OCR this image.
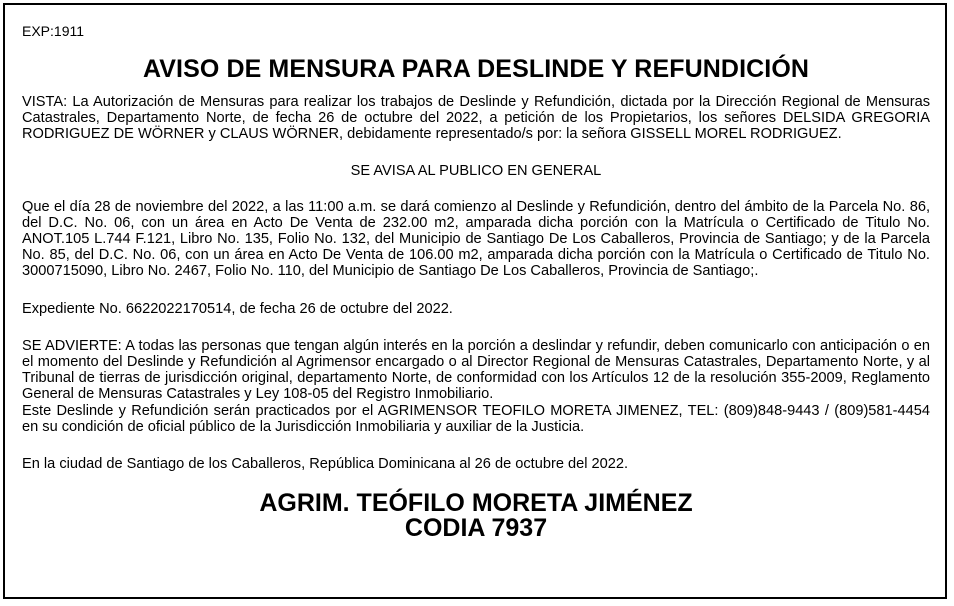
EXP:1911

AVISO DE MENSURA PARA DESLINDE Y REFUNDICIÓN

VISTA: La Autorización de Mensuras para realizar los trabajos de Deslinde y Refundición, dictada por la Dirección Regional de Mensuras Catastrales, Departamento Norte, de fecha 26 de octubre del 2022, a petición de los Propietarios, los señores DELSIDA GREGORIA RODRIGUEZ DE WÖRNER y CLAUS WÖRNER, debidamente representado/s por: la señora GISSELL MOREL RODRIGUEZ.

SE AVISA AL PUBLICO EN GENERAL

Que el día 28 de noviembre del 2022, a las 11:00 a.m. se dará comienzo al Deslinde y Refundición, dentro del ámbito de la Parcela No. 86, del D.C. No. 06, con un área en Acto De Venta de 232.00 m2, amparada dicha porción con la Matrícula o Certificado de Titulo No. ANOT.105 L.744 F.121, Libro No. 135, Folio No. 132, del Municipio de Santiago De Los Caballeros, Provincia de Santiago; y de la Parcela No. 85, del D.C. No. 06, con un área en Acto De Venta de 106.00 m2, amparada dicha porción con la Matrícula o Certificado de Titulo No. 3000715090, Libro No. 2467, Folio No. 110, del Municipio de Santiago De Los Caballeros, Provincia de Santiago;.

Expediente No. 6622022170514, de fecha 26 de octubre del 2022.

SE ADVIERTE: A todas las personas que tengan algún interés en la porción a deslindar y refundir, deben comunicarlo con anticipación o en el momento del Deslinde y Refundición al Agrimensor encargado o al Director Regional de Mensuras Catastrales, Departamento Norte, y al Tribunal de tierras de jurisdicción original, departamento Norte, de conformidad con los Artículos 12 de la resolución 355-2009, Reglamento General de Mensuras Catastrales y Ley 108-05 del Registro Inmobiliario.

Este Deslinde y Refundición serán practicados por el AGRIMENSOR TEOFILO MORETA JIMENEZ, TEL: (809)848-9443 / (809)581-4454 en su condición de oficial público de la Jurisdicción Inmobiliaria y auxiliar de la Justicia.

En la ciudad de Santiago de los Caballeros, República Dominicana al 26 de octubre del 2022.

AGRIM. TEÓFILO MORETA JIMÉNEZ
CODIA 7937
